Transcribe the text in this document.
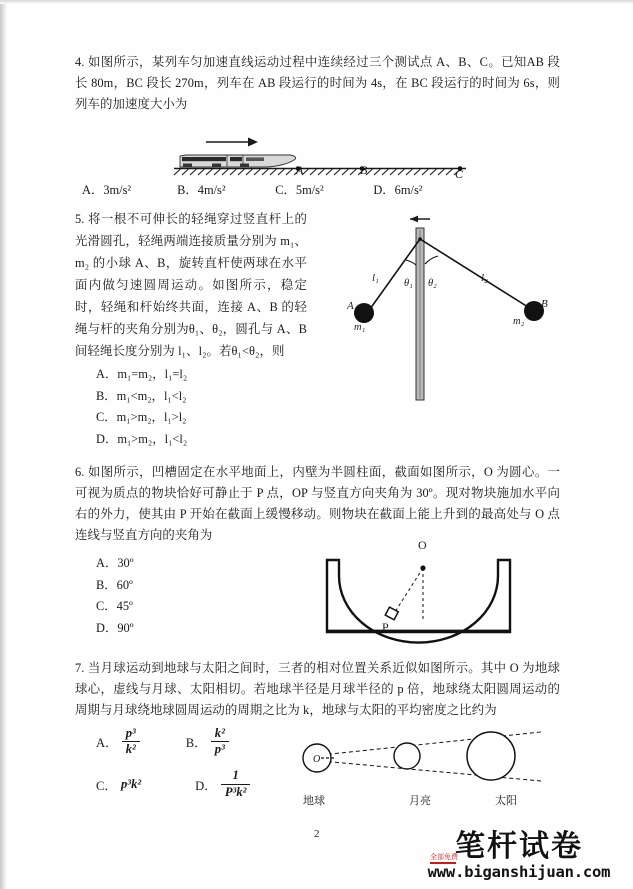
4. 如图所示，某列车匀加速直线运动过程中连续经过三个测试点 A、B、C。已知AB 段长 80m，BC 段长 270m，列车在 AB 段运行的时间为 4s，在 BC 段运行的时间为 6s，则列车的加速度大小为
A	B	C
A．3m/s²	B．4m/s²	C．5m/s²	D．6m/s²
5. 将一根不可伸长的轻绳穿过竖直杆上的光滑圆孔，轻绳两端连接质量分别为 m₁、m₂ 的小球 A、B，旋转直杆使两球在水平面内做匀速圆周运动。如图所示，稳定时，轻绳和杆始终共面，连接 A、B 的轻绳与杆的夹角分别为θ₁、θ₂，圆孔与 A、B 间轻绳长度分别为 l₁、l₂。若θ₁<θ₂，则
l₁	l₂
θ₁ θ₂
A	B
m₁
m₂
A．m₁=m₂，l₁=l₂
B．m₁<m₂，l₁<l₂
C．m₁>m₂，l₁>l₂
D．m₁>m₂，l₁<l₂
6. 如图所示，凹槽固定在水平地面上，内壁为半圆柱面，截面如图所示，O 为圆心。一可视为质点的物块恰好可静止于 P 点，OP 与竖直方向夹角为 30º。现对物块施加水平向右的外力，使其由 P 开始在截面上缓慢移动。则物块在截面上能上升到的最高处与 O 点连线与竖直方向的夹角为
A．30º
B．60º
C．45º
D．90º
O
P
7. 当月球运动到地球与太阳之间时，三者的相对位置关系近似如图所示。其中 O 为地球球心，虚线与月球、太阳相切。若地球半径是月球半径的 p 倍，地球绕太阳圆周运动的周期与月球绕地球圆周运动的周期之比为 k，地球与太阳的平均密度之比约为
A． $\frac{\text{p³}}{\text{k²}}$	B． $\frac{\text{k²}}{\text{p³}}$
C． p³k²	D． $\frac{1}{\text{P³k²}}$
O
地球	月亮	太阳
2	笔杆试卷
www.biganshijuan.com
全部免费
